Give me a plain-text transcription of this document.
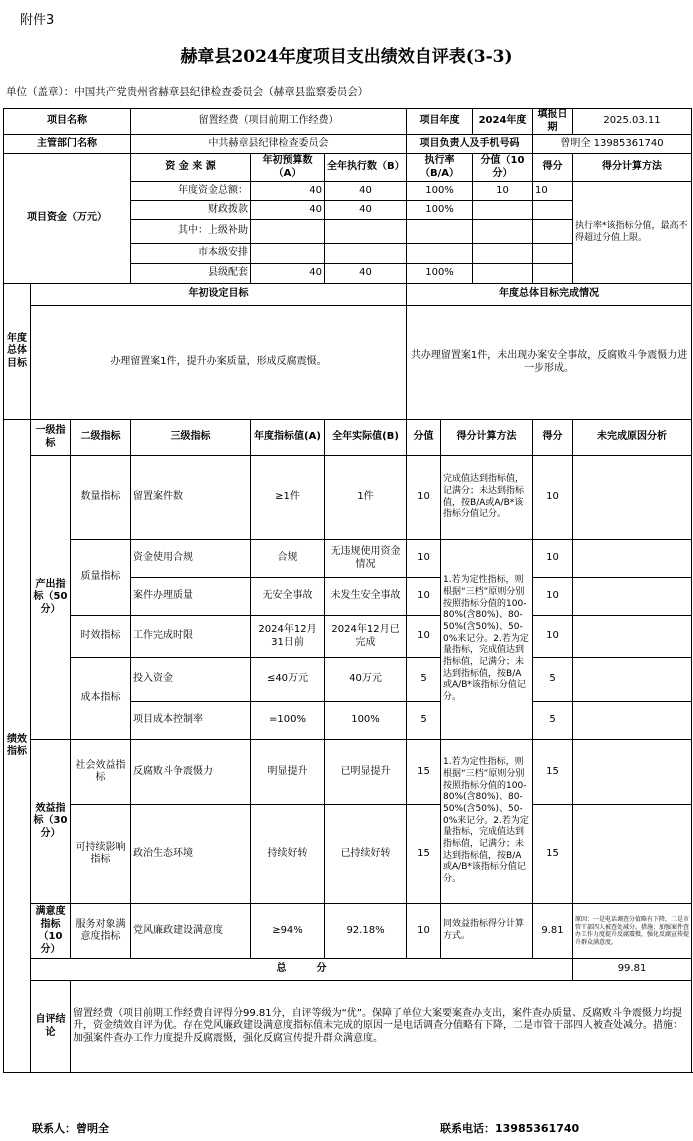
附件3
赫章县2024年度项目支出绩效自评表(3-3)
单位（盖章）：中国共产党贵州省赫章县纪律检查委员会（赫章县监察委员会）
项目名称			留置经费（项目前期工作经费）			项目年度		2024年度	填报日期	2025.03.11	
主管部门名称			中共赫章县纪律检查委员会			项目负责人及手机号码			曾明全 13985361740		
项目资金（万元）			资 金 来 源	年初预算数（A）	全年执行数（B）	执行率（B/A）		分值（10分）	得分	得分计算方法	
			年度资金总额：	40	40	100%		10	10	执行率*该指标分值，最高不得超过分值上限。	
			财政拨款	40	40	100%					
			其中：上级补助								
			市本级安排								
			县级配套	40	40	100%					
年度总体目标	年初设定目标					年度总体目标完成情况					
	办理留置案1件，提升办案质量，形成反腐震慑。					共办理留置案1件，未出现办案安全事故，反腐败斗争震慑力进一步形成。					
绩效指标	一级指标	二级指标	三级指标	年度指标值(A)	全年实际值(B)	分值	得分计算方法		得分	未完成原因分析	
	产出指标（50分）	数量指标	留置案件数	≥1件	1件	10	完成值达到指标值，记满分；未达到指标值，按B/A或A/B*该指标分值记分。		10		
		质量指标	资金使用合规	合规	无违规使用资金情况	10	1.若为定性指标，则根据“三档”原则分别按照指标分值的100-80%(含80%)、80-50%(含50%)、50-0%来记分。2.若为定量指标，完成值达到指标值，记满分；未达到指标值，按B/A或A/B*该指标分值记分。		10		
			案件办理质量	无安全事故	未发生安全事故	10			10		
		时效指标	工作完成时限	2024年12月31日前	2024年12月已完成	10			10		
		成本指标	投入资金	≤40万元	40万元	5			5		
			项目成本控制率	=100%	100%	5			5		
	效益指标（30分）	社会效益指标	反腐败斗争震慑力	明显提升	已明显提升	15	1.若为定性指标，则根据“三档”原则分别按照指标分值的100-80%(含80%)、80-50%(含50%)、50-0%来记分。2.若为定量指标，完成值达到指标值，记满分；未达到指标值，按B/A或A/B*该指标分值记分。		15		
		可持续影响指标	政治生态环境	持续好转	已持续好转	15			15		
	满意度指标（10分）	服务对象满意度指标	党风廉政建设满意度	≥94%	92.18%	10	同效益指标得分计算方式。		9.81	原因：一是电话调查分值略有下降，二是市管干部四人被查处减分。措施：加强案件查办工作力度提升反腐震慑，强化反腐宣传提升群众满意度。	
	总　　　分									99.81	
	自评结论	留置经费（项目前期工作经费自评得分99.81分，自评等级为“优”。保障了单位大案要案查办支出，案件查办质量、反腐败斗争震慑力均提升，资金绩效自评为优。存在党风廉政建设满意度指标值未完成的原因一是电话调查分值略有下降，二是市管干部四人被查处减分。措施：加强案件查办工作力度提升反腐震慑，强化反腐宣传提升群众满意度。									
联系人：曾明全	联系电话：13985361740
